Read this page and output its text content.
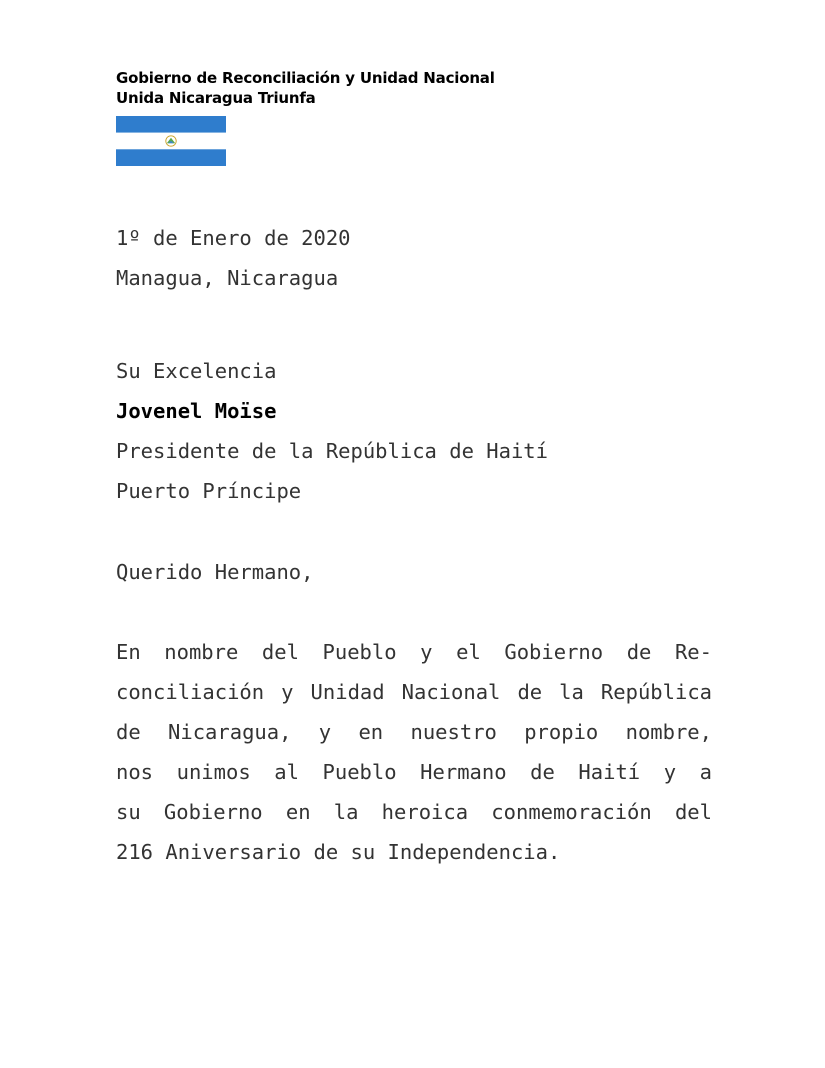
Gobierno de Reconciliación y Unidad Nacional
Unida Nicaragua Triunfa
1º de Enero de 2020
Managua, Nicaragua
Su Excelencia
Jovenel Moïse
Presidente de la República de Haití
Puerto Príncipe
Querido Hermano,
En nombre del Pueblo y el Gobierno de Re-
conciliación y Unidad Nacional de la República
de Nicaragua, y en nuestro propio nombre,
nos unimos al Pueblo Hermano de Haití y a
su Gobierno en la heroica conmemoración del
216 Aniversario de su Independencia.
